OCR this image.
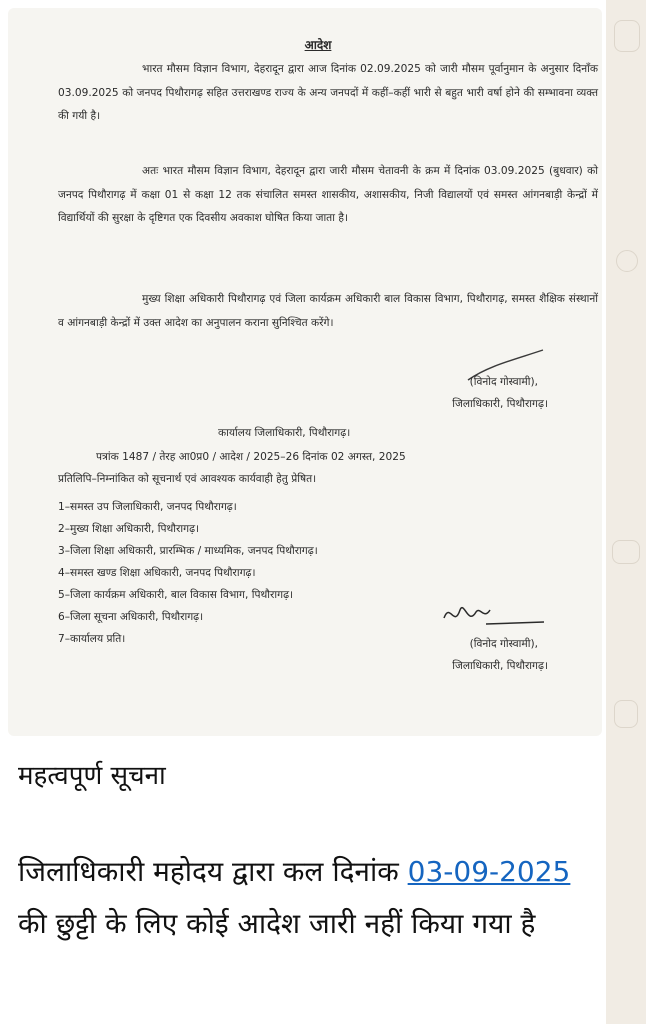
आदेश
भारत मौसम विज्ञान विभाग, देहरादून द्वारा आज दिनांक 02.09.2025 को जारी मौसम पूर्वानुमान के अनुसार दिनाँक 03.09.2025 को जनपद पिथौरागढ़ सहित उत्तराखण्ड राज्य के अन्य जनपदों में कहीं–कहीं भारी से बहुत भारी वर्षा होने की सम्भावना व्यक्त की गयी है।
अतः भारत मौसम विज्ञान विभाग, देहरादून द्वारा जारी मौसम चेतावनी के क्रम में दिनांक 03.09.2025 (बुधवार) को जनपद पिथौरागढ़ में कक्षा 01 से कक्षा 12 तक संचालित समस्त शासकीय, अशासकीय, निजी विद्यालयों एवं समस्त आंगनबाड़ी केन्द्रों में विद्यार्थियों की सुरक्षा के दृष्टिगत एक दिवसीय अवकाश घोषित किया जाता है।
मुख्य शिक्षा अधिकारी पिथौरागढ़ एवं जिला कार्यक्रम अधिकारी बाल विकास विभाग, पिथौरागढ़, समस्त शैक्षिक संस्थानों व आंगनबाड़ी केन्द्रों में उक्त आदेश का अनुपालन कराना सुनिश्चित करेंगे।
(विनोद गोस्वामी),
जिलाधिकारी, पिथौरागढ़।
कार्यालय जिलाधिकारी, पिथौरागढ़।
पत्रांक 1487 / तेरह आ0प्र0 / आदेश / 2025–26 दिनांक 02 अगस्त, 2025
प्रतिलिपि–निम्नांकित को सूचनार्थ एवं आवश्यक कार्यवाही हेतु प्रेषित।
1–समस्त उप जिलाधिकारी, जनपद पिथौरागढ़।
2–मुख्य शिक्षा अधिकारी, पिथौरागढ़।
3–जिला शिक्षा अधिकारी, प्रारम्भिक / माध्यमिक, जनपद पिथौरागढ़।
4–समस्त खण्ड शिक्षा अधिकारी, जनपद पिथौरागढ़।
5–जिला कार्यक्रम अधिकारी, बाल विकास विभाग, पिथौरागढ़।
6–जिला सूचना अधिकारी, पिथौरागढ़।
7–कार्यालय प्रति।	(विनोद गोस्वामी),
जिलाधिकारी, पिथौरागढ़।
महत्वपूर्ण सूचना
जिलाधिकारी महोदय द्वारा कल दिनांक 03-09-2025 की छुट्टी के लिए कोई आदेश जारी नहीं किया गया है
